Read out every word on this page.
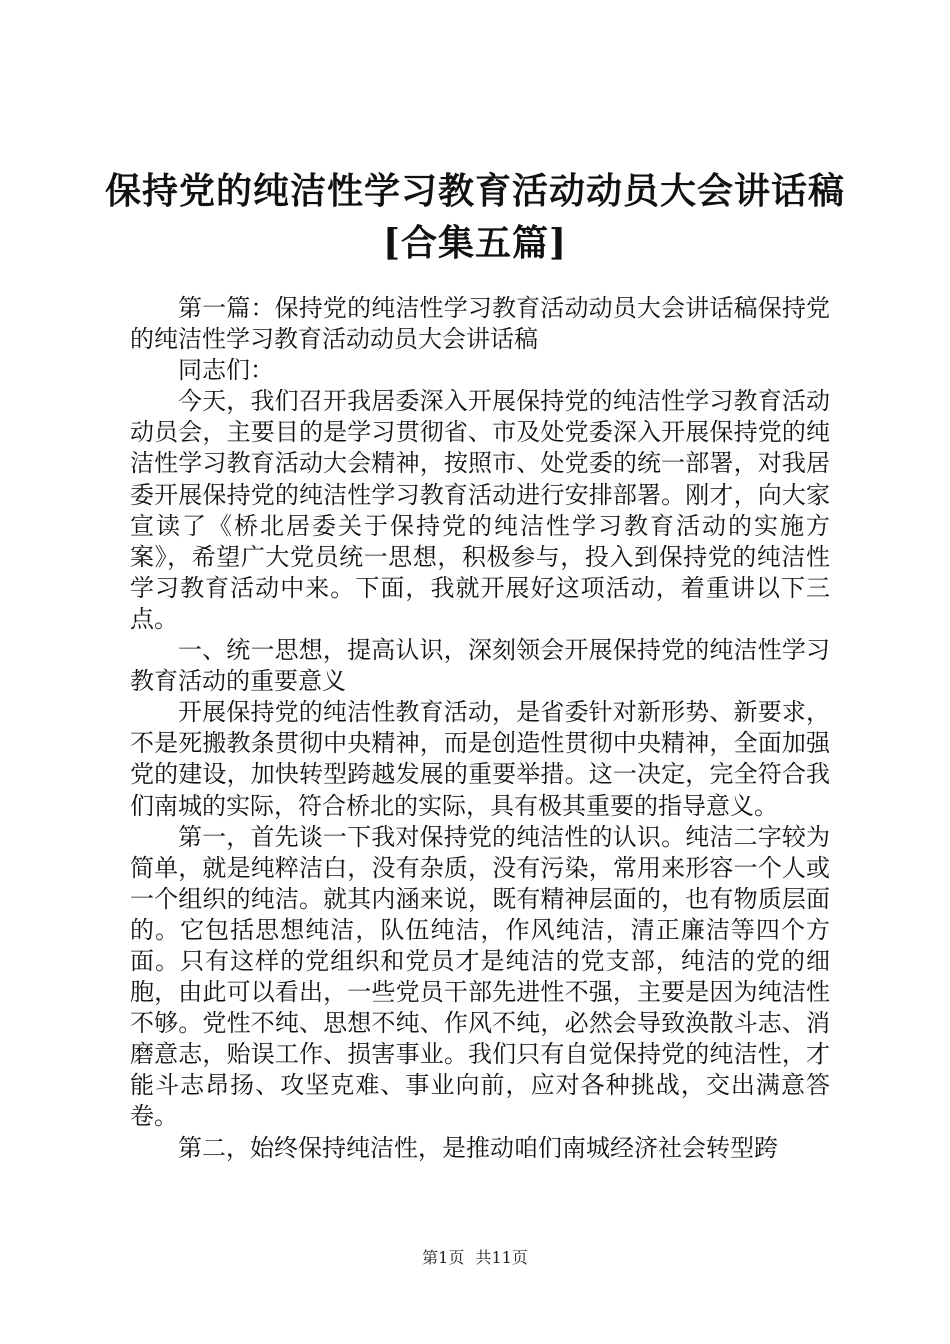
保持党的纯洁性学习教育活动动员大会讲话稿
[合集五篇]

第一篇：保持党的纯洁性学习教育活动动员大会讲话稿保持党的纯洁性学习教育活动动员大会讲话稿

同志们：

今天，我们召开我居委深入开展保持党的纯洁性学习教育活动动员会，主要目的是学习贯彻省、市及处党委深入开展保持党的纯洁性学习教育活动大会精神，按照市、处党委的统一部署，对我居委开展保持党的纯洁性学习教育活动进行安排部署。刚才，向大家宣读了《桥北居委关于保持党的纯洁性学习教育活动的实施方案》，希望广大党员统一思想，积极参与，投入到保持党的纯洁性学习教育活动中来。下面，我就开展好这项活动，着重讲以下三点。

一、统一思想，提高认识，深刻领会开展保持党的纯洁性学习教育活动的重要意义

开展保持党的纯洁性教育活动，是省委针对新形势、新要求，不是死搬教条贯彻中央精神，而是创造性贯彻中央精神，全面加强党的建设，加快转型跨越发展的重要举措。这一决定，完全符合我们南城的实际，符合桥北的实际，具有极其重要的指导意义。

第一，首先谈一下我对保持党的纯洁性的认识。纯洁二字较为简单，就是纯粹洁白，没有杂质，没有污染，常用来形容一个人或一个组织的纯洁。就其内涵来说，既有精神层面的，也有物质层面的。它包括思想纯洁，队伍纯洁，作风纯洁，清正廉洁等四个方面。只有这样的党组织和党员才是纯洁的党支部，纯洁的党的细胞，由此可以看出，一些党员干部先进性不强，主要是因为纯洁性不够。党性不纯、思想不纯、作风不纯，必然会导致涣散斗志、消磨意志，贻误工作、损害事业。我们只有自觉保持党的纯洁性，才能斗志昂扬、攻坚克难、事业向前，应对各种挑战，交出满意答卷。

第二，始终保持纯洁性，是推动咱们南城经济社会转型跨

第1页 共11页
